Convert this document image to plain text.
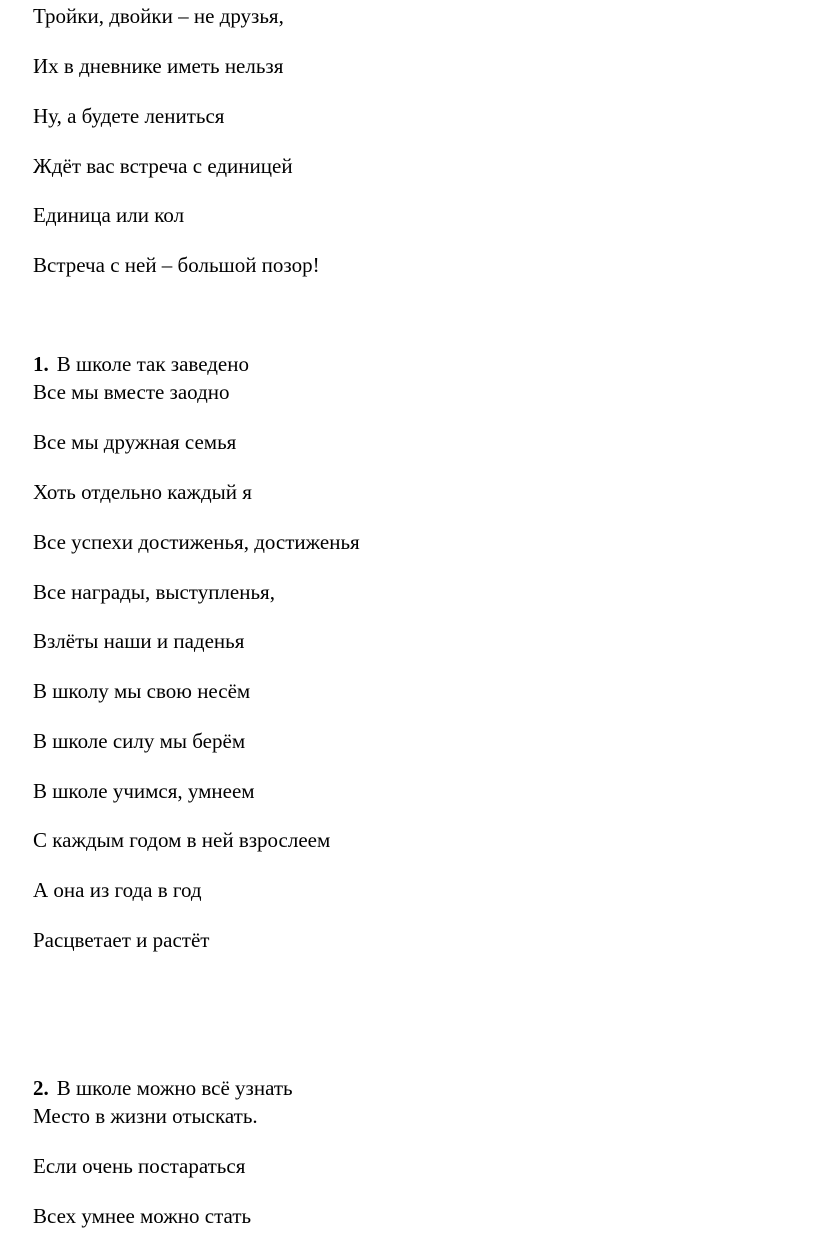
Тройки, двойки – не друзья,
Их в дневнике иметь нельзя
Ну, а будете лениться
Ждёт вас встреча с единицей
Единица или кол
Встреча с ней – большой позор!
1. В школе так заведено
Все мы вместе заодно
Все мы дружная семья
Хоть отдельно каждый я
Все успехи достиженья, достиженья
Все награды, выступленья,
Взлёты наши и паденья
В школу мы свою несём
В школе силу мы берём
В школе учимся, умнеем
С каждым годом в ней взрослеем
А она из года в год
Расцветает и растёт
2. В школе можно всё узнать
Место в жизни отыскать.
Если очень постараться
Всех умнее можно стать
